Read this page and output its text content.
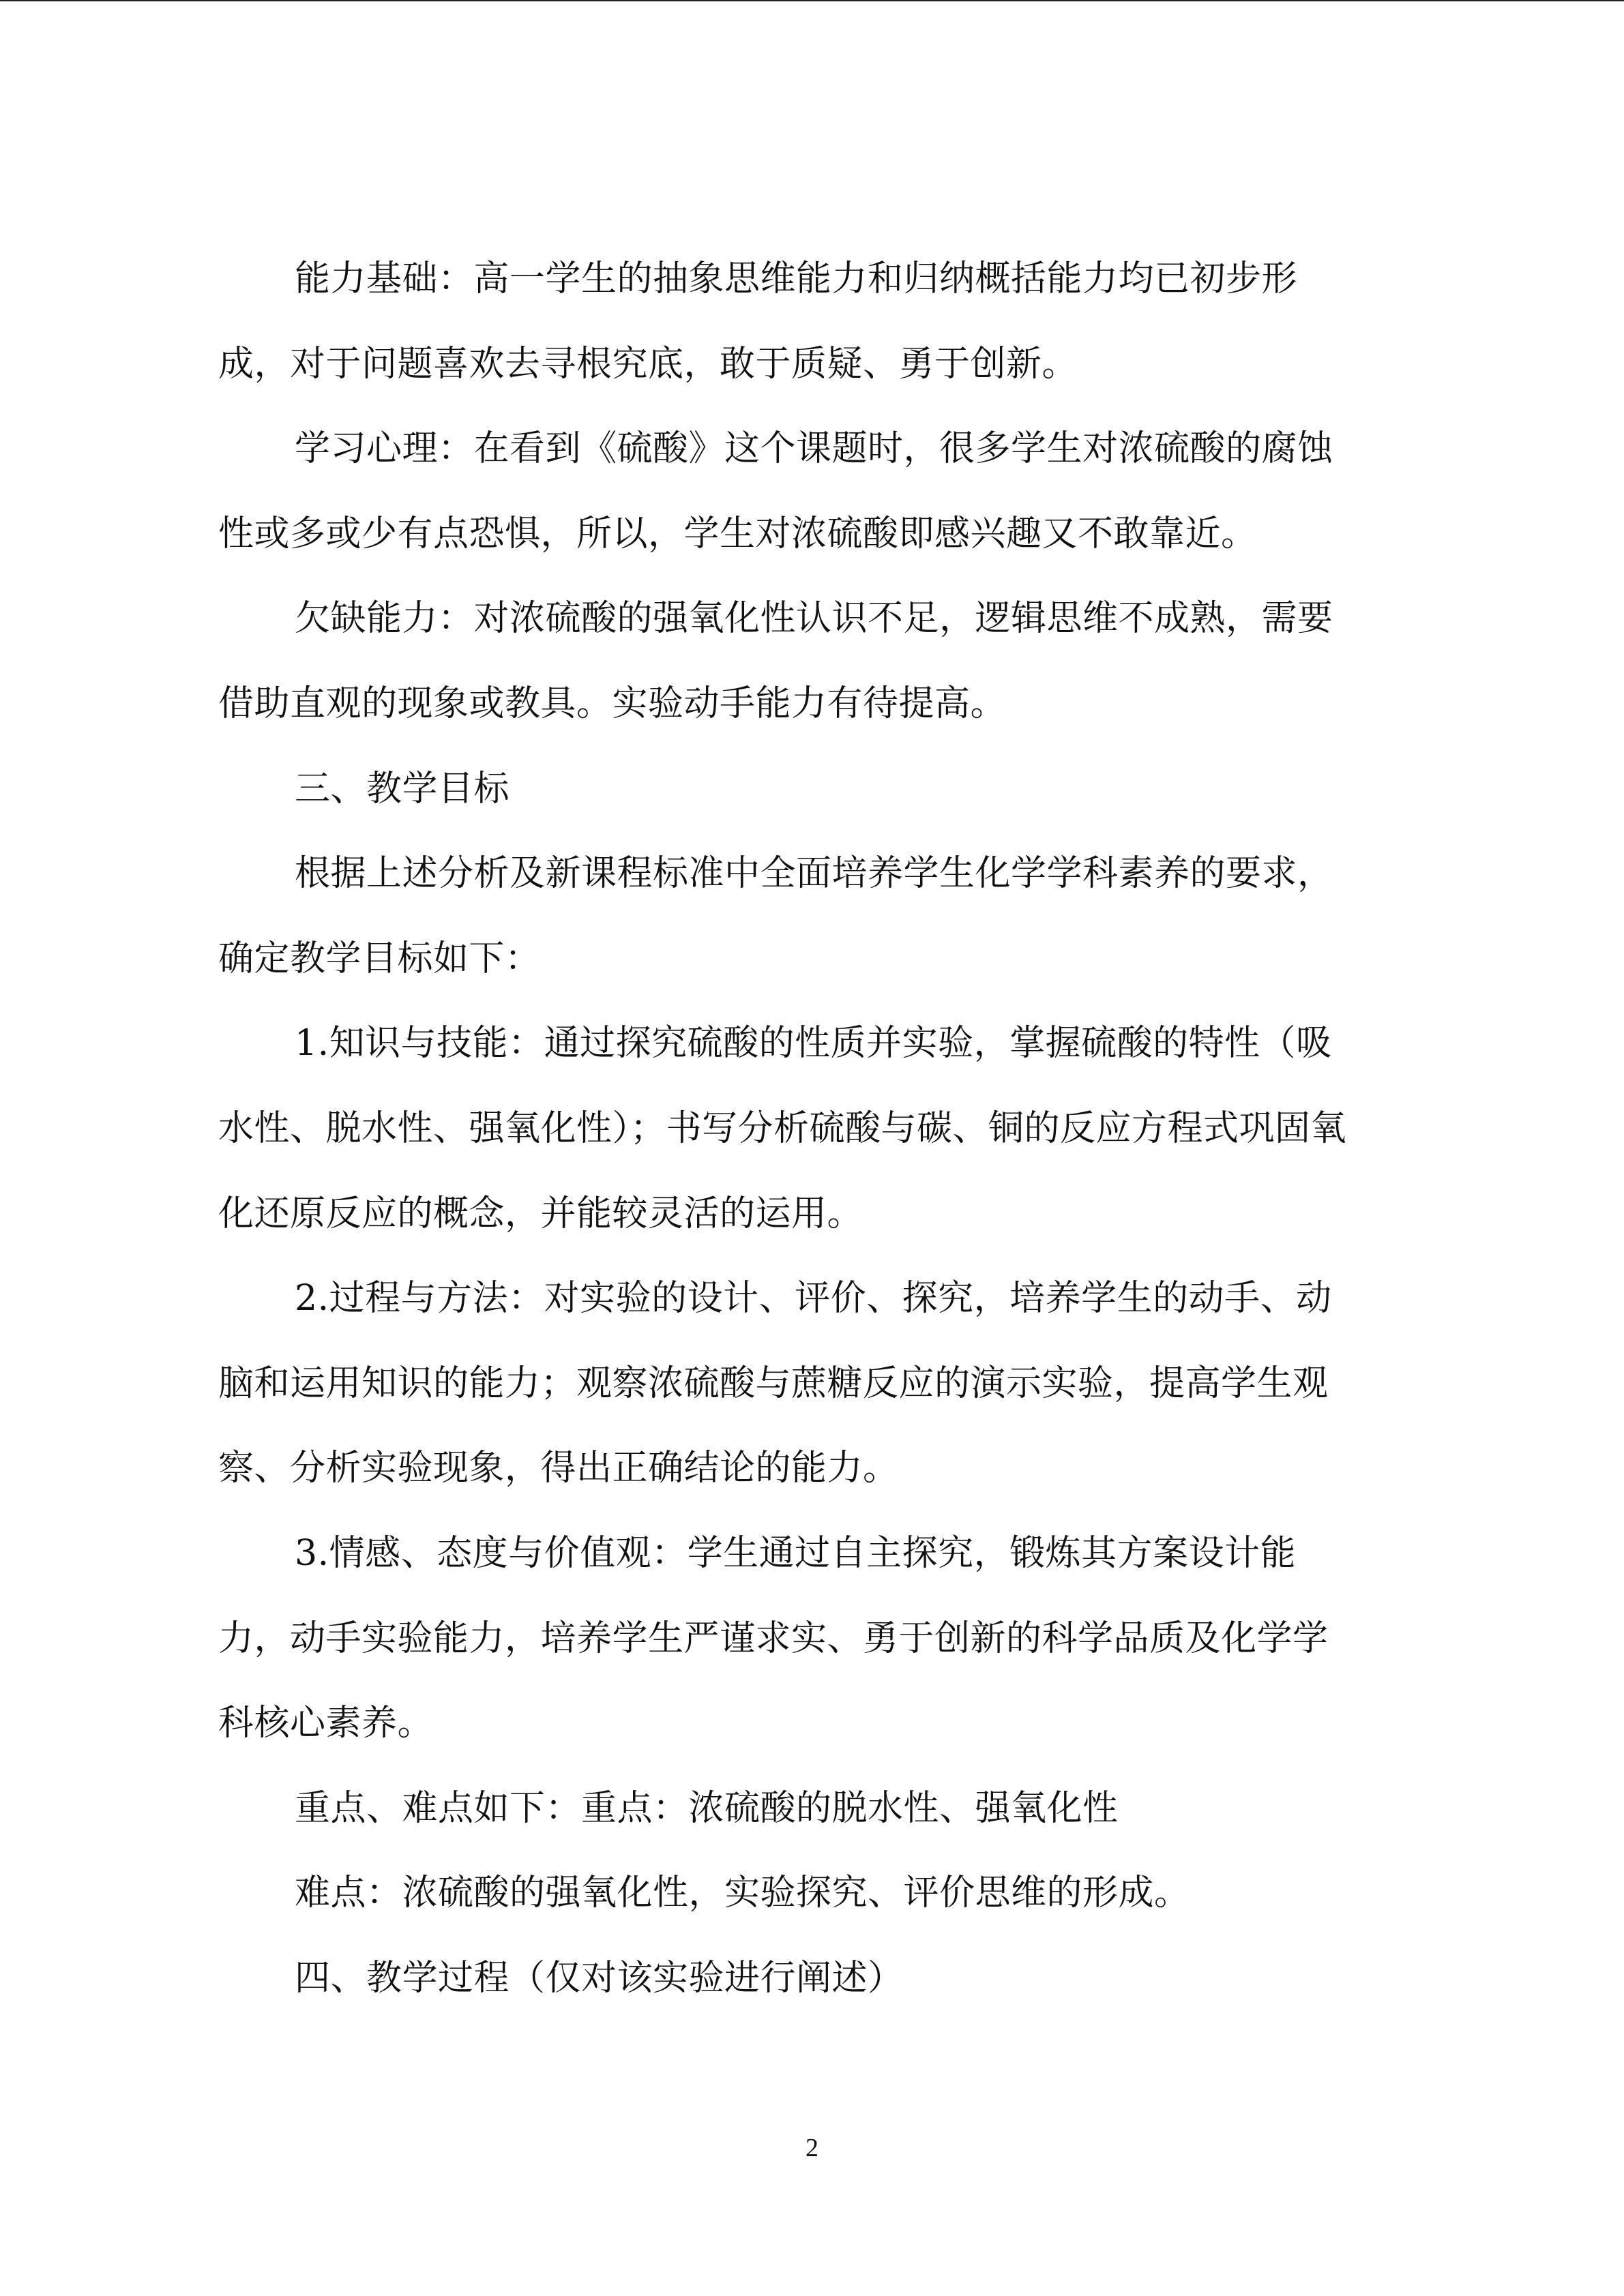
能力基础：高一学生的抽象思维能力和归纳概括能力均已初步形
成，对于问题喜欢去寻根究底，敢于质疑、勇于创新。
学习心理：在看到《硫酸》这个课题时，很多学生对浓硫酸的腐蚀
性或多或少有点恐惧，所以，学生对浓硫酸即感兴趣又不敢靠近。
欠缺能力：对浓硫酸的强氧化性认识不足，逻辑思维不成熟，需要
借助直观的现象或教具。实验动手能力有待提高。
三、教学目标
根据上述分析及新课程标准中全面培养学生化学学科素养的要求，
确定教学目标如下：
1.知识与技能：通过探究硫酸的性质并实验，掌握硫酸的特性（吸
水性、脱水性、强氧化性）；书写分析硫酸与碳、铜的反应方程式巩固氧
化还原反应的概念，并能较灵活的运用。
2.过程与方法：对实验的设计、评价、探究，培养学生的动手、动
脑和运用知识的能力；观察浓硫酸与蔗糖反应的演示实验，提高学生观
察、分析实验现象，得出正确结论的能力。
3.情感、态度与价值观：学生通过自主探究，锻炼其方案设计能
力，动手实验能力，培养学生严谨求实、勇于创新的科学品质及化学学
科核心素养。
重点、难点如下：重点：浓硫酸的脱水性、强氧化性
难点：浓硫酸的强氧化性，实验探究、评价思维的形成。
四、教学过程（仅对该实验进行阐述）
2
